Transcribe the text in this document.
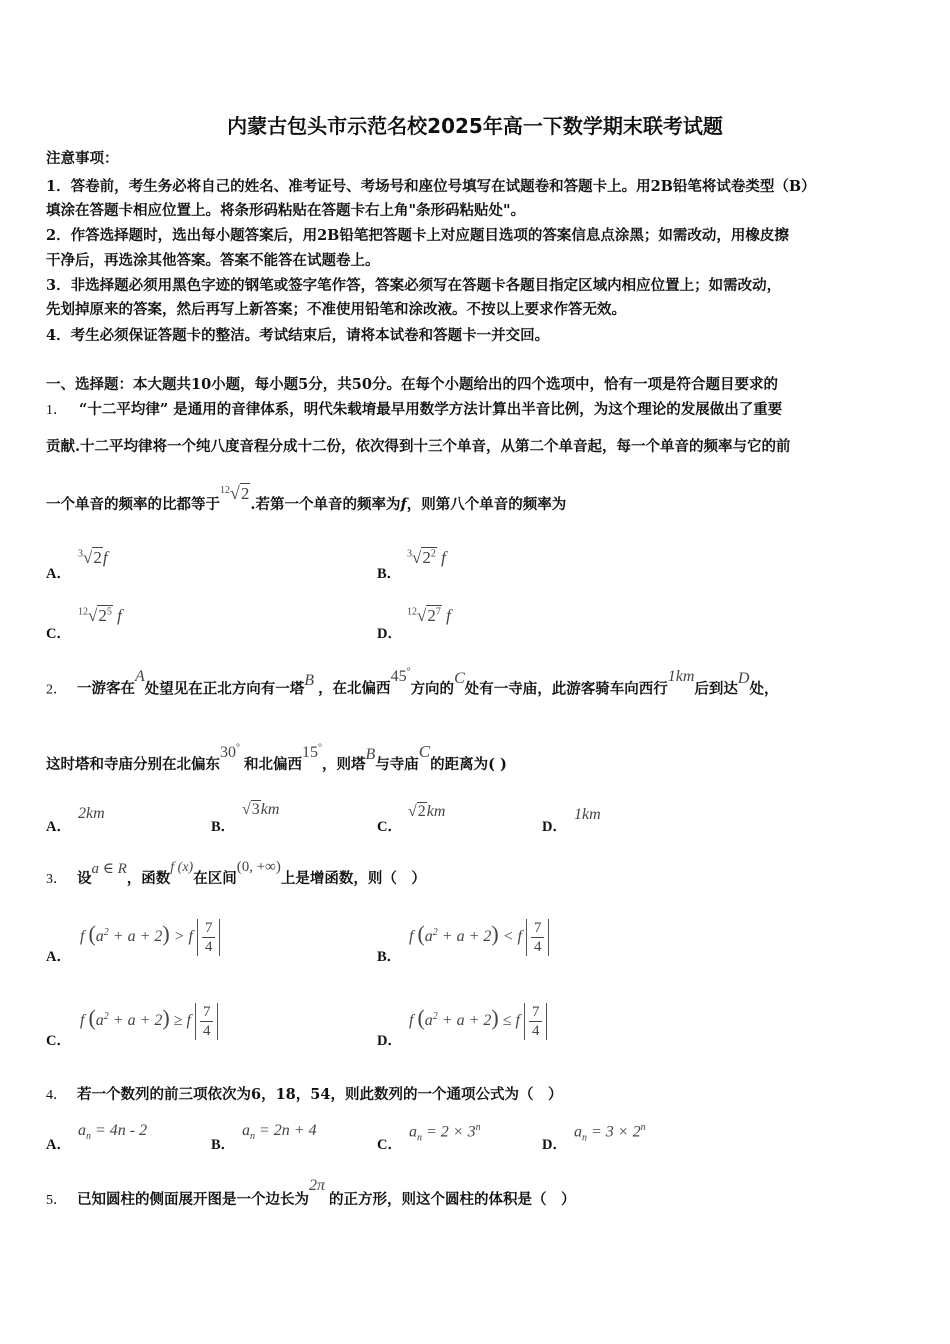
内蒙古包头市示范名校2025年高一下数学期末联考试题
注意事项：
1．答卷前，考生务必将自己的姓名、准考证号、考场号和座位号填写在试题卷和答题卡上。用2B铅笔将试卷类型（B）
填涂在答题卡相应位置上。将条形码粘贴在答题卡右上角"条形码粘贴处"。
2．作答选择题时，选出每小题答案后，用2B铅笔把答题卡上对应题目选项的答案信息点涂黑；如需改动，用橡皮擦
干净后，再选涂其他答案。答案不能答在试题卷上。
3．非选择题必须用黑色字迹的钢笔或签字笔作答，答案必须写在答题卡各题目指定区域内相应位置上；如需改动，
先划掉原来的答案，然后再写上新答案；不准使用铅笔和涂改液。不按以上要求作答无效。
4．考生必须保证答题卡的整洁。考试结束后，请将本试卷和答题卡一并交回。
一、选择题：本大题共10小题，每小题5分，共50分。在每个小题给出的四个选项中，恰有一项是符合题目要求的
1． “十二平均律” 是通用的音律体系，明代朱载堉最早用数学方法计算出半音比例，为这个理论的发展做出了重要
贡献.十二平均律将一个纯八度音程分成十二份，依次得到十三个单音，从第二个单音起，每一个单音的频率与它的前
一个单音的频率的比都等于$^{12}$√2.若第一个单音的频率为f，则第八个单音的频率为
A．
$^3$√2f
B．
$^3√2^2$ f
C．
$^{12}√2^5$ f
D．
$^{12}√2^7$ f
2． 一游客在A处望见在正北方向有一塔B ，在北偏西45°方向的C处有一寺庙，此游客骑车向西行1km后到达D处，
这时塔和寺庙分别在北偏东30°和北偏西15°，则塔B与寺庙C的距离为( )
A．
2km
B．
√3km
C．
√2km
D．
1km
3． 设a ∈ R，函数f (x)在区间(0, +∞)上是增函数，则（　）
A．
f $(a^2 + a + 2) > f \frac{7}{4}$
B．
f $(a^2 + a + 2) < f \frac{7}{4}$
C．
f $(a^2 + a + 2) \ge f \frac{7}{4}$
D．
f $(a^2 + a + 2) \le f \frac{7}{4}$
4． 若一个数列的前三项依次为6，18，54，则此数列的一个通项公式为（　）
A．
$a_n = 4n - 2$
B．
$a_n = 2n + 4$
C．
$a_n = 2 \times 3^n$
D．
$a_n = 3 \times 2^n$
5． 已知圆柱的侧面展开图是一个边长为2π的正方形，则这个圆柱的体积是（　）
